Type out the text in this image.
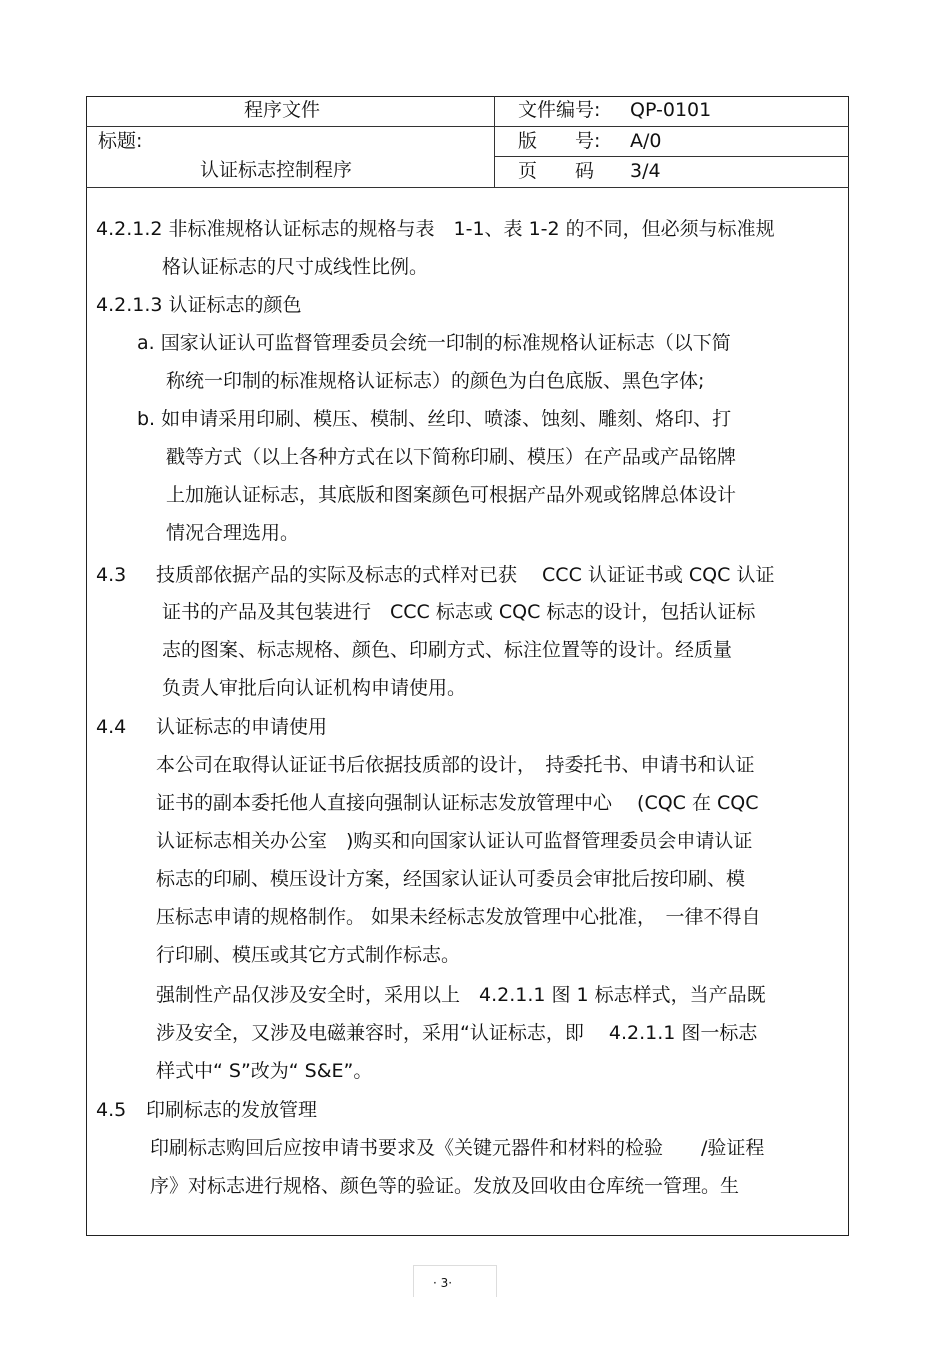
程序文件	文件编号: QP-0101
标题:	版　　号: A/0
认证标志控制程序	页　　码 3/4
4.2.1.2 非标准规格认证标志的规格与表　1-1、表 1-2 的不同，但必须与标准规
格认证标志的尺寸成线性比例。
4.2.1.3 认证标志的颜色
a. 国家认证认可监督管理委员会统一印制的标准规格认证标志（以下简
称统一印制的标准规格认证标志）的颜色为白色底版、黑色字体;
b. 如申请采用印刷、模压、模制、丝印、喷漆、蚀刻、雕刻、烙印、打
戳等方式（以上各种方式在以下简称印刷、模压）在产品或产品铭牌
上加施认证标志，其底版和图案颜色可根据产品外观或铭牌总体设计
情况合理选用。
4.3 技质部依据产品的实际及标志的式样对已获　 CCC 认证证书或 CQC 认证
证书的产品及其包装进行　CCC 标志或 CQC 标志的设计，包括认证标
志的图案、标志规格、颜色、印刷方式、标注位置等的设计。经质量
负责人审批后向认证机构申请使用。
4.4 认证标志的申请使用
本公司在取得认证证书后依据技质部的设计，　持委托书、申请书和认证
证书的副本委托他人直接向强制认证标志发放管理中心　 (CQC 在 CQC
认证标志相关办公室　)购买和向国家认证认可监督管理委员会申请认证
标志的印刷、模压设计方案，经国家认证认可委员会审批后按印刷、模
压标志申请的规格制作。 如果未经标志发放管理中心批准，　一律不得自
行印刷、模压或其它方式制作标志。
强制性产品仅涉及安全时，采用以上　4.2.1.1 图 1 标志样式，当产品既
涉及安全，又涉及电磁兼容时，采用“认证标志，即　 4.2.1.1 图一标志
样式中“ S”改为“ S&E”。
4.5 印刷标志的发放管理
印刷标志购回后应按申请书要求及《关键元器件和材料的检验　　/验证程
序》对标志进行规格、颜色等的验证。发放及回收由仓库统一管理。生
· 3·
